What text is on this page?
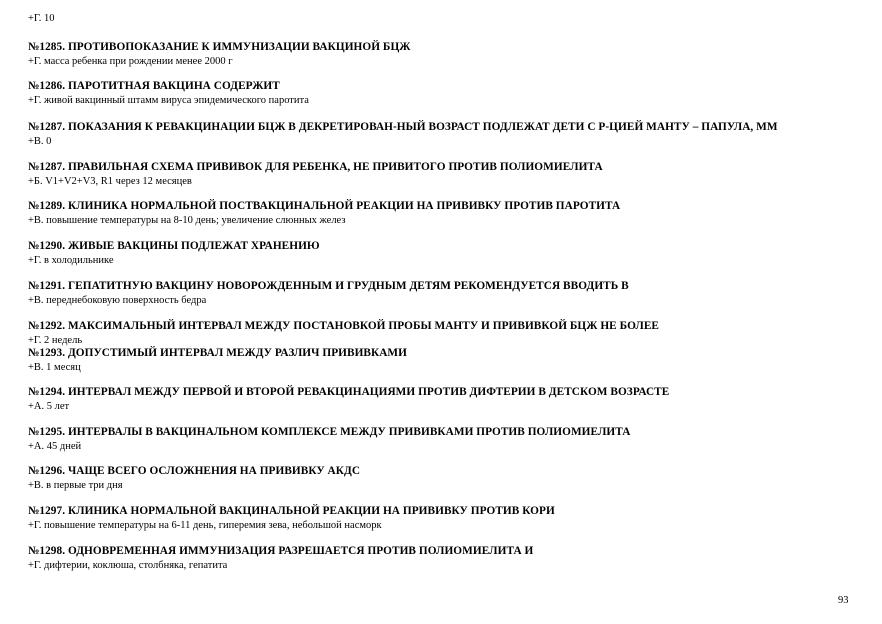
+Г. 10
№1285. ПРОТИВОПОКАЗАНИЕ К ИММУНИЗАЦИИ ВАКЦИНОЙ БЦЖ
+Г. масса ребенка при рождении менее 2000 г
№1286. ПАРОТИТНАЯ ВАКЦИНА СОДЕРЖИТ
+Г. живой вакцинный штамм вируса эпидемического паротита
№1287. ПОКАЗАНИЯ К РЕВАКЦИНАЦИИ БЦЖ В ДЕКРЕТИРОВАН-НЫЙ ВОЗРАСТ ПОДЛЕЖАТ ДЕТИ С Р-ЦИЕЙ МАНТУ – ПАПУЛА, ММ
+В. 0
№1287. ПРАВИЛЬНАЯ СХЕМА ПРИВИВОК ДЛЯ РЕБЕНКА, НЕ ПРИВИТОГО ПРОТИВ ПОЛИОМИЕЛИТА
+Б. V1+V2+V3, R1 через 12 месяцев
№1289. КЛИНИКА НОРМАЛЬНОЙ ПОСТВАКЦИНАЛЬНОЙ РЕАКЦИИ НА ПРИВИВКУ ПРОТИВ ПАРОТИТА
+В. повышение температуры на 8-10 день; увеличение слюнных желез
№1290. ЖИВЫЕ ВАКЦИНЫ ПОДЛЕЖАТ ХРАНЕНИЮ
+Г. в холодильнике
№1291. ГЕПАТИТНУЮ ВАКЦИНУ НОВОРОЖДЕННЫМ И ГРУДНЫМ ДЕТЯМ РЕКОМЕНДУЕТСЯ ВВОДИТЬ В
+В. переднебоковую поверхность бедра
№1292. МАКСИМАЛЬНЫЙ ИНТЕРВАЛ МЕЖДУ ПОСТАНОВКОЙ ПРОБЫ МАНТУ И ПРИВИВКОЙ БЦЖ НЕ БОЛЕЕ
+Г. 2 недель
№1293. ДОПУСТИМЫЙ ИНТЕРВАЛ МЕЖДУ РАЗЛИЧ ПРИВИВКАМИ
+В. 1 месяц
№1294. ИНТЕРВАЛ МЕЖДУ ПЕРВОЙ И ВТОРОЙ РЕВАКЦИНАЦИЯМИ ПРОТИВ ДИФТЕРИИ В ДЕТСКОМ ВОЗРАСТЕ
+А. 5 лет
№1295. ИНТЕРВАЛЫ В ВАКЦИНАЛЬНОМ КОМПЛЕКСЕ МЕЖДУ ПРИВИВКАМИ ПРОТИВ ПОЛИОМИЕЛИТА
+А. 45 дней
№1296. ЧАЩЕ ВСЕГО ОСЛОЖНЕНИЯ НА ПРИВИВКУ АКДС
+В. в первые три дня
№1297. КЛИНИКА НОРМАЛЬНОЙ ВАКЦИНАЛЬНОЙ РЕАКЦИИ НА ПРИВИВКУ ПРОТИВ КОРИ
+Г. повышение температуры на 6-11 день, гиперемия зева, небольшой насморк
№1298. ОДНОВРЕМЕННАЯ ИММУНИЗАЦИЯ РАЗРЕШАЕТСЯ ПРОТИВ ПОЛИОМИЕЛИТА И
+Г. дифтерии, коклюша, столбняка, гепатита
93
